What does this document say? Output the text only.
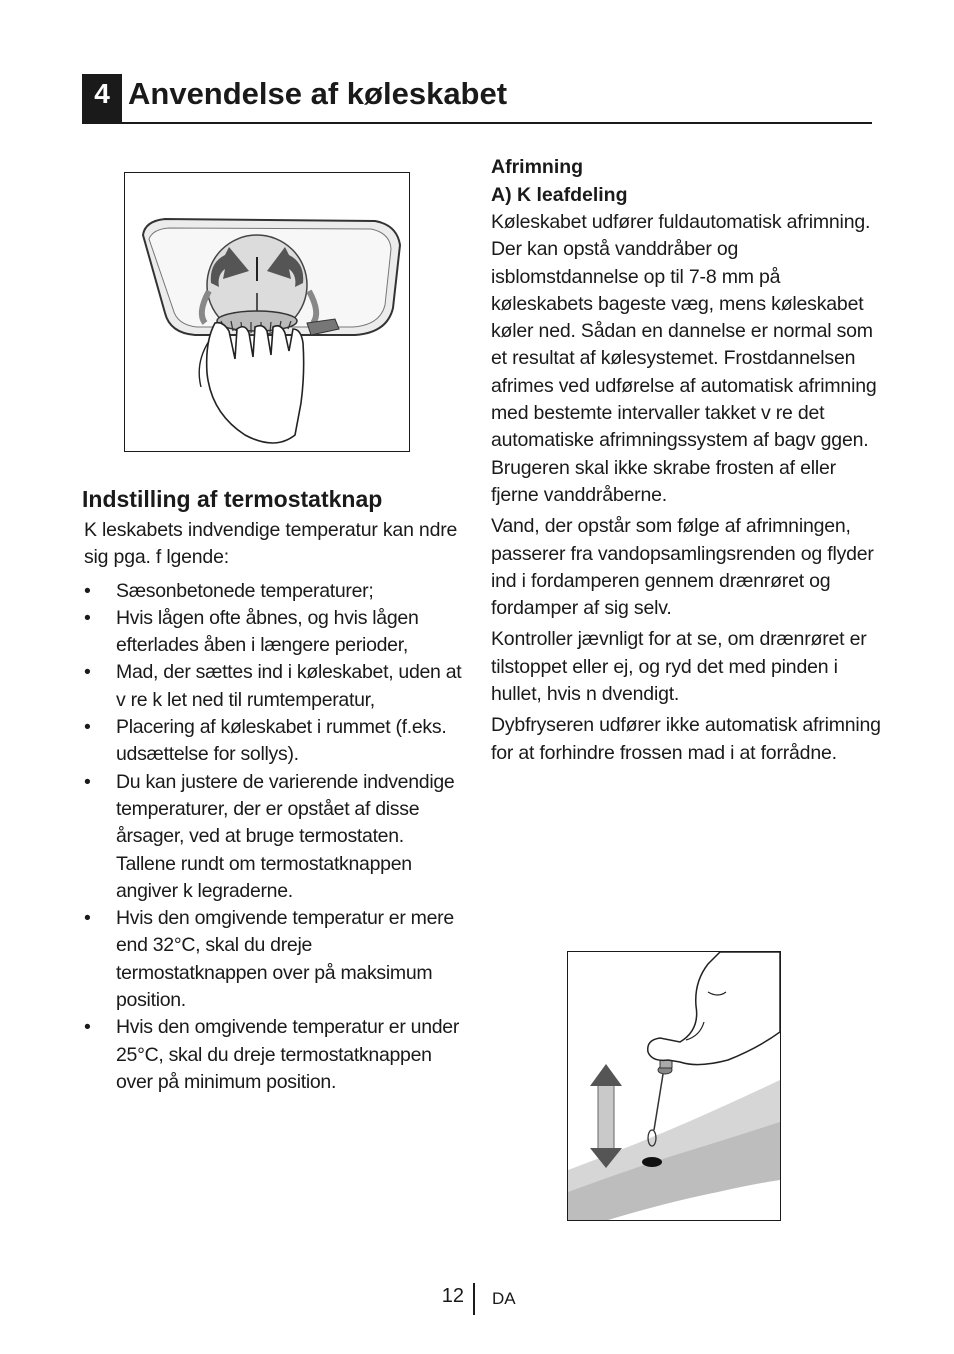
4 Anvendelse af køleskabet
Indstilling af termostatknap

K leskabets indvendige temperatur kan ndre sig pga. f lgende:

• Sæsonbetonede temperaturer;
• Hvis lågen ofte åbnes, og hvis lågen efterlades åben i længere perioder,
• Mad, der sættes ind i køleskabet, uden at v re k let ned til rumtemperatur,
• Placering af køleskabet i rummet (f.eks. udsættelse for sollys).
• Du kan justere de varierende indvendige temperaturer, der er opstået af disse årsager, ved at bruge termostaten. Tallene rundt om termostatknappen angiver k legraderne.
• Hvis den omgivende temperatur er mere end 32°C, skal du dreje termostatknappen over på maksimum position.
• Hvis den omgivende temperatur er under 25°C, skal du dreje termostatknappen over på minimum position.

Afrimning

A) K leafdeling

Køleskabet udfører fuldautomatisk afrimning. Der kan opstå vanddråber og isblomstdannelse op til 7-8 mm på køleskabets bageste væg, mens køleskabet køler ned. Sådan en dannelse er normal som et resultat af kølesystemet. Frostdannelsen afrimes ved udførelse af automatisk afrimning med bestemte intervaller takket v re det automatiske afrimningssystem af bagv ggen. Brugeren skal ikke skrabe frosten af eller fjerne vanddråberne.

Vand, der opstår som følge af afrimningen, passerer fra vandopsamlingsrenden og flyder ind i fordamperen gennem drænrøret og fordamper af sig selv.

Kontroller jævnligt for at se, om drænrøret er tilstoppet eller ej, og ryd det med pinden i hullet, hvis n dvendigt.

Dybfryseren udfører ikke automatisk afrimning for at forhindre frossen mad i at forrådne.

12 DA
